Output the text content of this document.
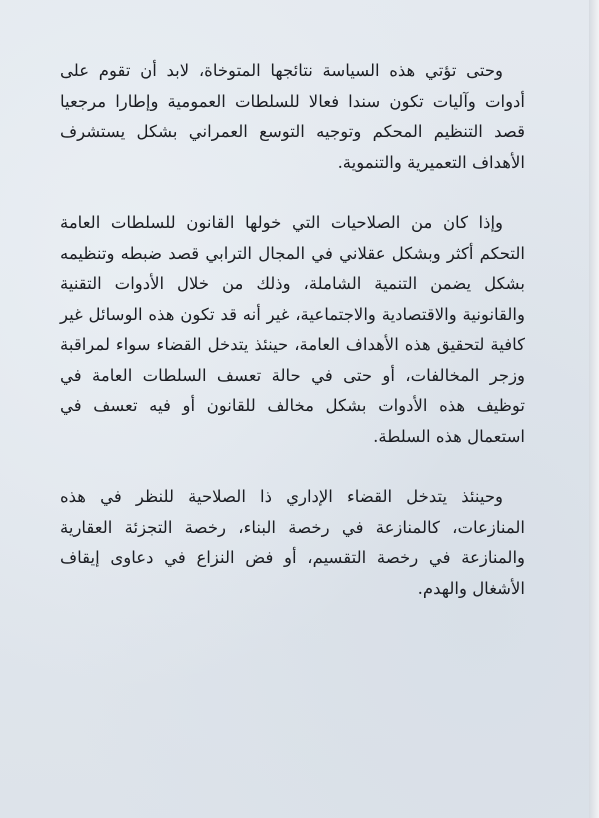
وحتى تؤتي هذه السياسة نتائجها المتوخاة، لابد أن تقوم على أدوات وآليات تكون سندا فعالا للسلطات العمومية وإطارا مرجعيا قصد التنظيم المحكم وتوجيه التوسع العمراني بشكل يستشرف الأهداف التعميرية والتنموية.

وإذا كان من الصلاحيات التي خولها القانون للسلطات العامة التحكم أكثر وبشكل عقلاني في المجال الترابي قصد ضبطه وتنظيمه بشكل يضمن التنمية الشاملة، وذلك من خلال الأدوات التقنية والقانونية والاقتصادية والاجتماعية، غير أنه قد تكون هذه الوسائل غير كافية لتحقيق هذه الأهداف العامة، حينئذ يتدخل القضاء سواء لمراقبة وزجر المخالفات، أو حتى في حالة تعسف السلطات العامة في توظيف هذه الأدوات بشكل مخالف للقانون أو فيه تعسف في استعمال هذه السلطة.

وحينئذ يتدخل القضاء الإداري ذا الصلاحية للنظر في هذه المنازعات، كالمنازعة في رخصة البناء، رخصة التجزئة العقارية والمنازعة في رخصة التقسيم، أو فض النزاع في دعاوى إيقاف الأشغال والهدم.
